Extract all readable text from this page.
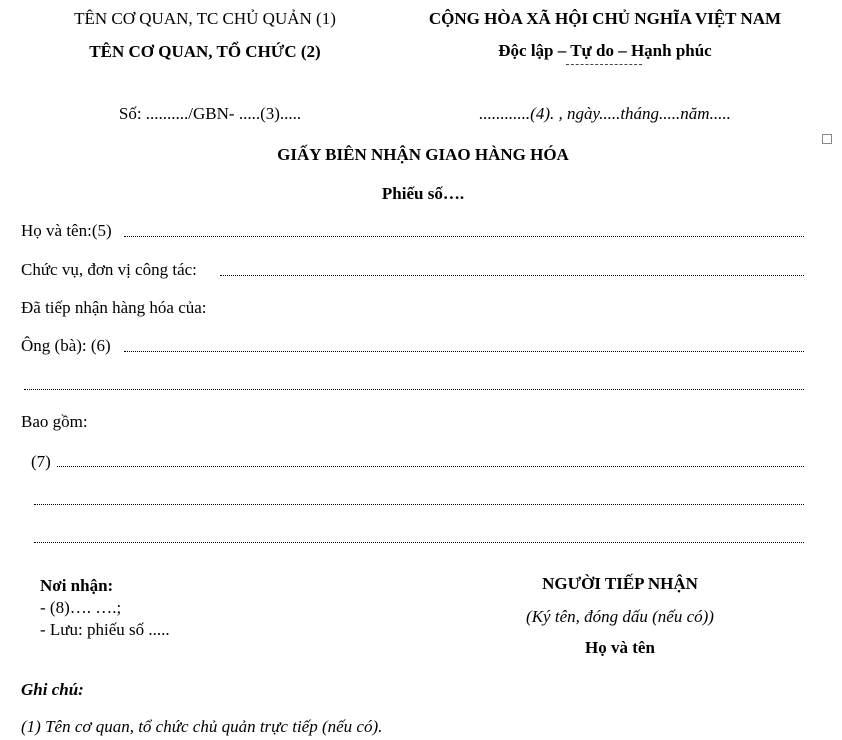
TÊN CƠ QUAN, TC CHỦ QUẢN (1)
TÊN CƠ QUAN, TỔ CHỨC (2)
CỘNG HÒA XÃ HỘI CHỦ NGHĨA VIỆT NAM
Độc lập – Tự do – Hạnh phúc
Số: ........../GBN- .....(3).....	............(4). , ngày.....tháng.....năm.....
GIẤY BIÊN NHẬN GIAO HÀNG HÓA
Phiếu số….
Họ và tên:(5)
Chức vụ, đơn vị công tác:
Đã tiếp nhận hàng hóa của:
Ông (bà): (6)
Bao gồm:
(7)
Nơi nhận:
- (8)…. ….;
- Lưu: phiếu số .....
NGƯỜI TIẾP NHẬN
(Ký tên, đóng dấu (nếu có))
Họ và tên
Ghi chú:
(1) Tên cơ quan, tổ chức chủ quản trực tiếp (nếu có).
